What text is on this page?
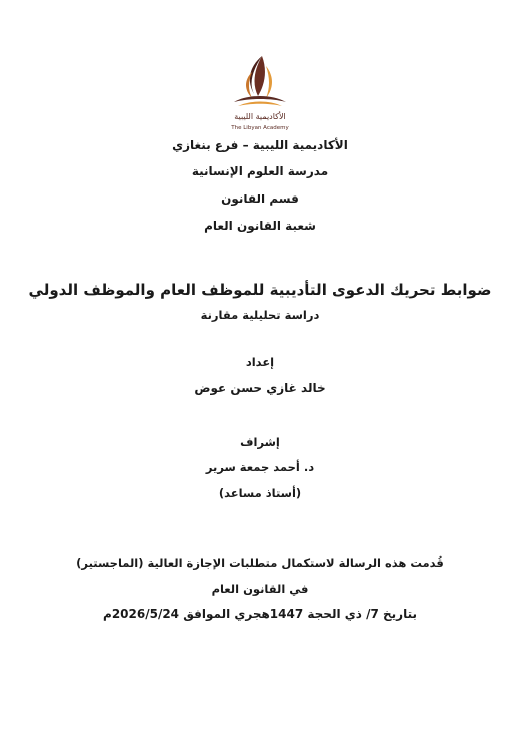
الأكاديمية الليبية
The Libyan Academy
الأكاديمية الليبية – فرع بنغازي
مدرسة العلوم الإنسانية
قسم القانون
شعبة القانون العام
ضوابط تحريك الدعوى التأديبية للموظف العام والموظف الدولي
دراسة تحليلية مقارنة
إعداد
خالد غازي حسن عوض
إشراف
د. أحمد جمعة سرير
(أستاذ مساعد)
قُدمت هذه الرسالة لاستكمال متطلبات الإجازة العالية (الماجستير)
في القانون العام
بتاريخ 7/ ذي الحجة 1447هجري الموافق 2026/5/24م
